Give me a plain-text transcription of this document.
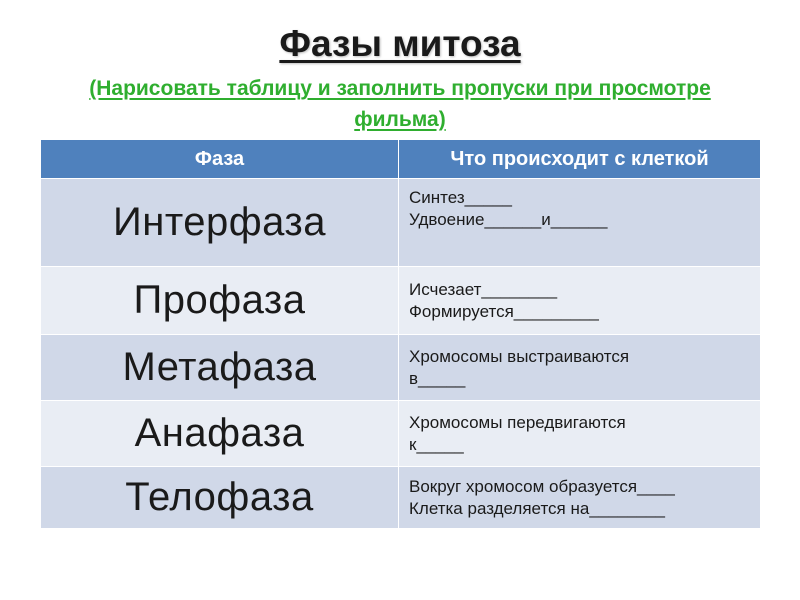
Фазы митоза
(Нарисовать таблицу и заполнить пропуски при просмотре фильма)
Фаза	Что происходит с клеткой
Интерфаза	Синтез_____
Удвоение______и______

Профаза	Исчезает________
Формируется_________

Метафаза	Хромосомы выстраиваются
в_____

Анафаза	Хромосомы передвигаются
к_____

Телофаза	Вокруг хромосом образуется____
Клетка разделяется на________
